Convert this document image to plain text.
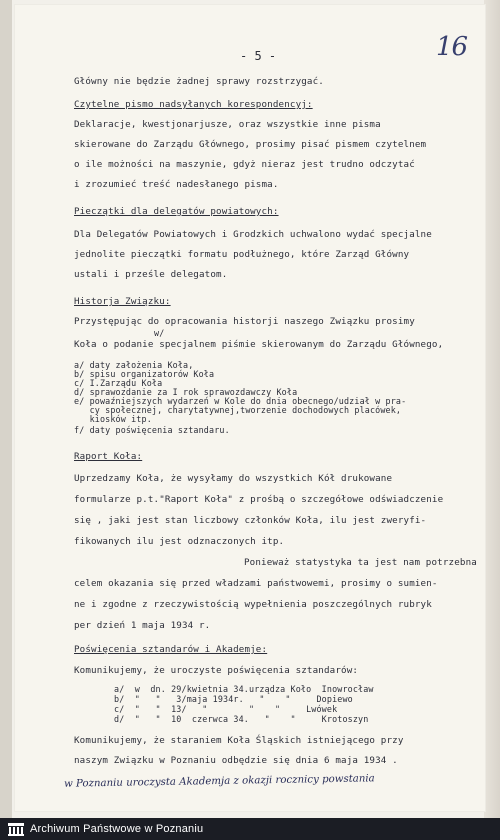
16
- 5 -
Główny nie będzie żadnej sprawy rozstrzygać.
Czytelne pismo nadsyłanych korespondencyj:
Deklaracje, kwestjonarjusze, oraz wszystkie inne pisma
skierowane do Zarządu Głównego, prosimy pisać pismem czytelnem
o ile możności na maszynie, gdyż nieraz jest trudno odczytać
i zrozumieć treść nadesłanego pisma.
Pieczątki dla delegatów powiatowych:
Dla Delegatów Powiatowych i Grodzkich uchwalono wydać specjalne
jednolite pieczątki formatu podłużnego, które Zarząd Główny
ustali i prześle delegatom.
Historja Związku:
Przystępując do opracowania historji naszego Związku prosimy
w/
Koła o podanie specjalnem piśmie skierowanym do Zarządu Głównego,
a/ daty założenia Koła,
b/ spisu organizatorów Koła
c/ I.Zarządu Koła
d/ sprawozdanie za I rok sprawozdawczy Koła
e/ powaźniejszych wydarzeń w Kole do dnia obecnego/udział w pra-
cy społecznej, charytatywnej,tworzenie dochodowych placówek,
kiosków itp.
f/ daty poświęcenia sztandaru.
Raport Koła:
Uprzedzamy Koła, że wysyłamy do wszystkich Kół drukowane
formularze p.t."Raport Koła" z prośbą o szczegółowe odświadczenie
się , jaki jest stan liczbowy członków Koła, ilu jest zweryfi-
fikowanych ilu jest odznaczonych itp.
Ponieważ statystyka ta jest nam potrzebna
celem okazania się przed władzami państwowemi, prosimy o sumien-
ne i zgodne z rzeczywistością wypełnienia poszczególnych rubryk
per dzień 1 maja 1934 r.
Poświęcenia sztandarów i Akademje:
Komunikujemy, że uroczyste poświęcenia sztandarów:
a/  w  dn. 29/kwietnia 34.urządza Koło  Inowrocław
b/  "   "   3/maja 1934r.   "    "     Dopiewo
c/  "   "  13/   "        "    "     Lwówek
d/  "   "  10  czerwca 34.   "    "     Krotoszyn
Komunikujemy, że staraniem Koła Śląskich istniejącego przy
naszym Związku w Poznaniu odbędzie się dnia 6 maja 1934 .
w Poznaniu uroczysta Akademja z okazji rocznicy powstania
Archiwum Państwowe w Poznaniu
